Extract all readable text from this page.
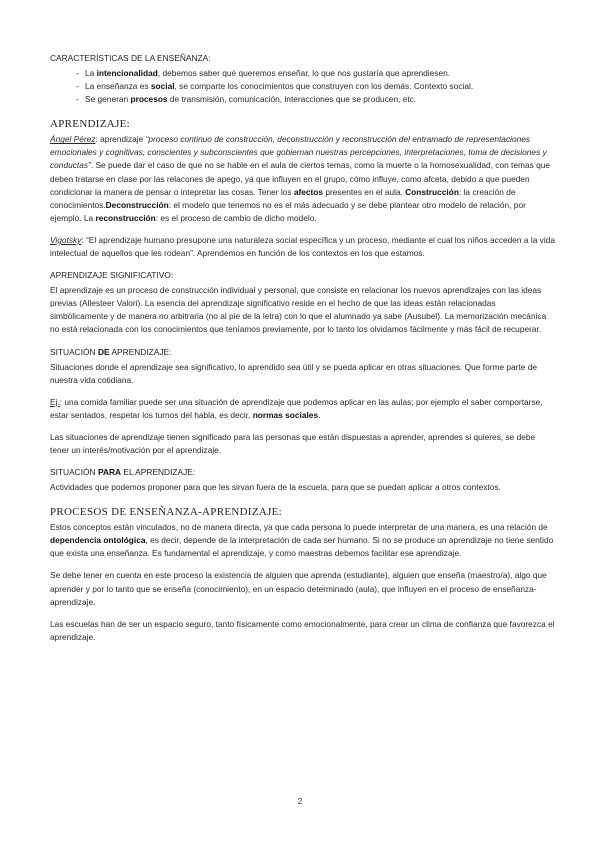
CARACTERÍSTICAS DE LA ENSEÑANZA:
- La intencionalidad, debemos saber qué queremos enseñar, lo que nos gustaría que aprendiesen.
- La enseñanza es social, se comparte los conocimientos que construyen con los demás. Contexto social.
- Se generan procesos de transmisión, comunicación, interacciones que se producen, etc.
APRENDIZAJE:

Ángel Pérez: aprendizaje “proceso continuo de construcción, deconstrucción y reconstrucción del entramado de representaciones emocionales y cognitivas, conscientes y subconscientes que gobiernan nuestras percepciones, interpretaciones, toma de decisiones y conductas”. Se puede dar el caso de que no se hable en el aula de ciertos temas, como la muerte o la homosexualidad, con temas que deben tratarse en clase por las relacones de apego, ya que influyen en el grupo, cómo influye, como afceta, debido a que pueden condicionar la manera de pensar o intepretar las cosas. Tener los afectos presentes en el aula. Construcción: la creación de conocimientos.Deconstrucción: el modelo que tenemos no es el más adecuado y se debe plantear otro modelo de relación, por ejemplo. La reconstrucción: es el proceso de cambio de dicho modelo.

Vigotsky: “El aprendizaje humano presupone una naturaleza social específica y un proceso, mediante el cual los niños acceden a la vida intelectual de aquellos que les rodean”. Aprendemos en función de los contextos en los que estamos.

APRENDIZAJE SIGNIFICATIVO:

El aprendizaje es un proceso de construcción individual y personal, que consiste en relacionar los nuevos aprendizajes con las ideas previas (Allesteer Valori). La esencia del aprendizaje significativo reside en el hecho de que las ideas están relacionadas simbólicamente y de manera no arbitraria (no al pie de la letra) con lo que el alumnado ya sabe (Ausubel). La memorización mecánica no está relacionada con los conocimientos que teníamos previamente, por lo tanto los olvidamos fácilmente y más fácil de recuperar.

SITUACIÓN DE APRENDIZAJE:

Situaciones donde el aprendizaje sea significativo, lo aprendido sea útil y se pueda aplicar en otras situaciones. Que forme parte de nuestra vida cotidiana.

Ej.: una comida familiar puede ser una situación de aprendizaje que podemos aplicar en las aulas; por ejemplo el saber comportarse, estar sentados, respetar los turnos del habla, es decir, normas sociales.

Las situaciones de aprendizaje tienen significado para las personas que están dispuestas a aprender, aprendes si quieres, se debe tener un interés/motivación por el aprendizaje.

SITUACIÓN PARA EL APRENDIZAJE:

Actividades que podemos proponer para que les sirvan fuera de la escuela, para que se puedan aplicar a otros contextos.

PROCESOS DE ENSEÑANZA-APRENDIZAJE:

Estos conceptos están vinculados, no de manera directa, ya que cada persona lo puede interpretar de una manera, es una relación de dependencia ontológica, es decir, depende de la interpretación de cada ser humano. Si no se produce un aprendizaje no tiene sentido que exista una enseñanza. Es fundamental el aprendizaje, y como maestras debemos facilitar ese aprendizaje.

Se debe tener en cuenta en este proceso la existencia de alguien que aprenda (estudiante), alguien que enseña (maestro/a), algo que aprender y por lo tanto que se enseña (conocimiento), en un espacio determinado (aula), que influyen en el proceso de enseñanza-aprendizaje.

Las escuelas han de ser un espacio seguro, tanto físicamente como emocionalmente, para crear un clima de confianza que favorezca el aprendizaje.

2
